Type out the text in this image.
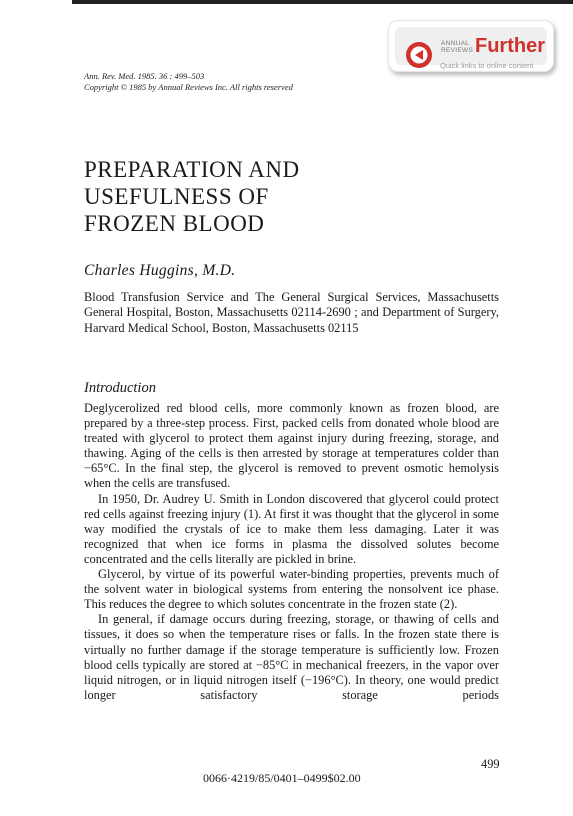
ANNUAL
REVIEWS Further
Quick links to online content
Ann. Rev. Med. 1985. 36 : 499–503
Copyright © 1985 by Annual Reviews Inc. All rights reserved
PREPARATION AND
USEFULNESS OF
FROZEN BLOOD
Charles Huggins, M.D.
Blood Transfusion Service and The General Surgical Services, Massachusetts General Hospital, Boston, Massachusetts 02114-2690 ; and Department of Surgery, Harvard Medical School, Boston, Massachusetts 02115
Introduction

Deglycerolized red blood cells, more commonly known as frozen blood, are prepared by a three-step process. First, packed cells from donated whole blood are treated with glycerol to protect them against injury during freezing, storage, and thawing. Aging of the cells is then arrested by storage at temperatures colder than −65°C. In the final step, the glycerol is removed to prevent osmotic hemolysis when the cells are transfused.

In 1950, Dr. Audrey U. Smith in London discovered that glycerol could protect red cells against freezing injury (1). At first it was thought that the glycerol in some way modified the crystals of ice to make them less damaging. Later it was recognized that when ice forms in plasma the dissolved solutes become concentrated and the cells literally are pickled in brine.

Glycerol, by virtue of its powerful water-binding properties, prevents much of the solvent water in biological systems from entering the nonsolvent ice phase. This reduces the degree to which solutes concentrate in the frozen state (2).

In general, if damage occurs during freezing, storage, or thawing of cells and tissues, it does so when the temperature rises or falls. In the frozen state there is virtually no further damage if the storage temperature is sufficiently low. Frozen blood cells typically are stored at −85°C in mechanical freezers, in the vapor over liquid nitrogen, or in liquid nitrogen itself (−196°C). In theory, one would predict longer satisfactory storage periods

499
0066·4219/85/0401–0499$02.00
